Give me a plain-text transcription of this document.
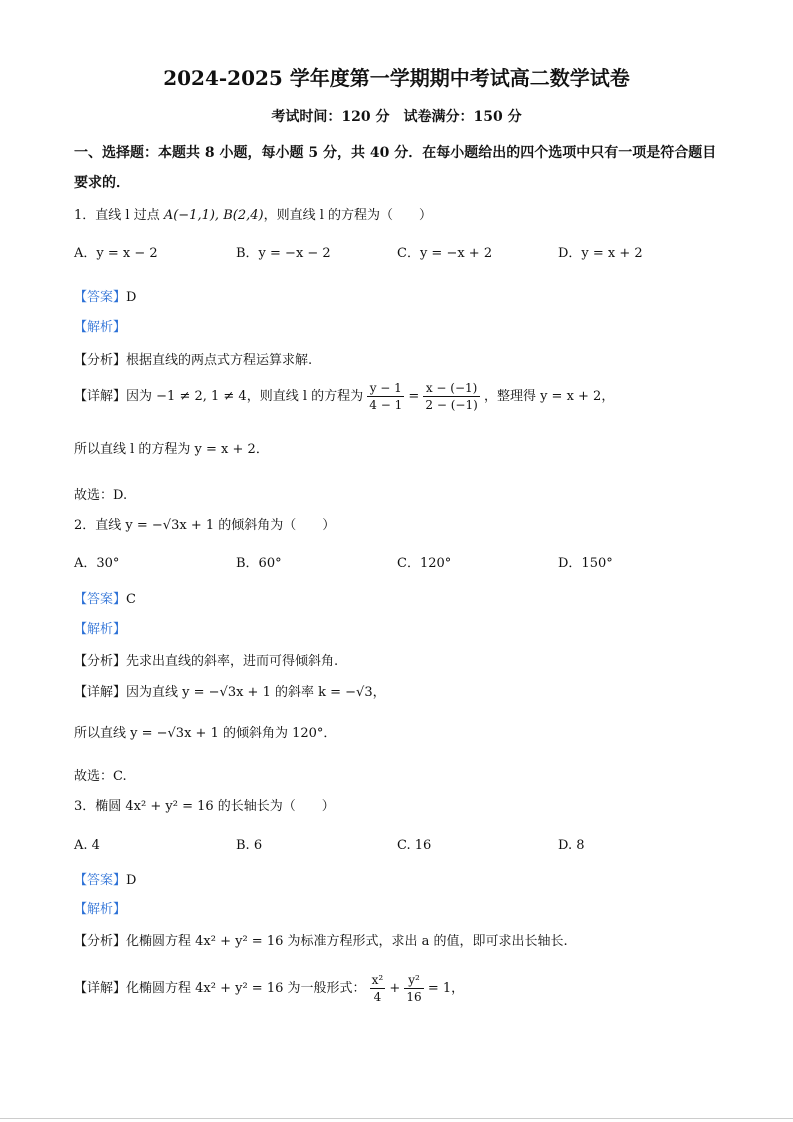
2024-2025 学年度第一学期期中考试高二数学试卷
考试时间：120 分　试卷满分：150 分
一、选择题：本题共 8 小题，每小题 5 分，共 40 分．在每小题给出的四个选项中只有一项是符合题目要求的．
1．直线 l 过点 A(−1,1), B(2,4)，则直线 l 的方程为（　　）
A．y = x − 2	B．y = −x − 2	C．y = −x + 2	D．y = x + 2
【答案】D
【解析】
【分析】根据直线的两点式方程运算求解.
【详解】因为 −1 ≠ 2, 1 ≠ 4，则直线 l 的方程为 $\frac{y - 1}{4 - 1} = \frac{x - (-1)}{2 - (-1)}$ ，整理得 y = x + 2，
所以直线 l 的方程为 y = x + 2．
故选：D.
2．直线 y = −√3x + 1 的倾斜角为（　　）
A．30°	B．60°	C．120°	D．150°
【答案】C
【解析】
【分析】先求出直线的斜率，进而可得倾斜角.
【详解】因为直线 y = −√3x + 1 的斜率 k = −√3，
所以直线 y = −√3x + 1 的倾斜角为 120°．
故选：C.
3．椭圆 4x² + y² = 16 的长轴长为（　　）
A. 4	B. 6	C. 16	D. 8
【答案】D
【解析】
【分析】化椭圆方程 4x² + y² = 16 为标准方程形式，求出 a 的值，即可求出长轴长.
【详解】化椭圆方程 4x² + y² = 16 为一般形式： $\frac{\text{x²}}{4} + \frac{\text{y²}}{16} = 1$，
